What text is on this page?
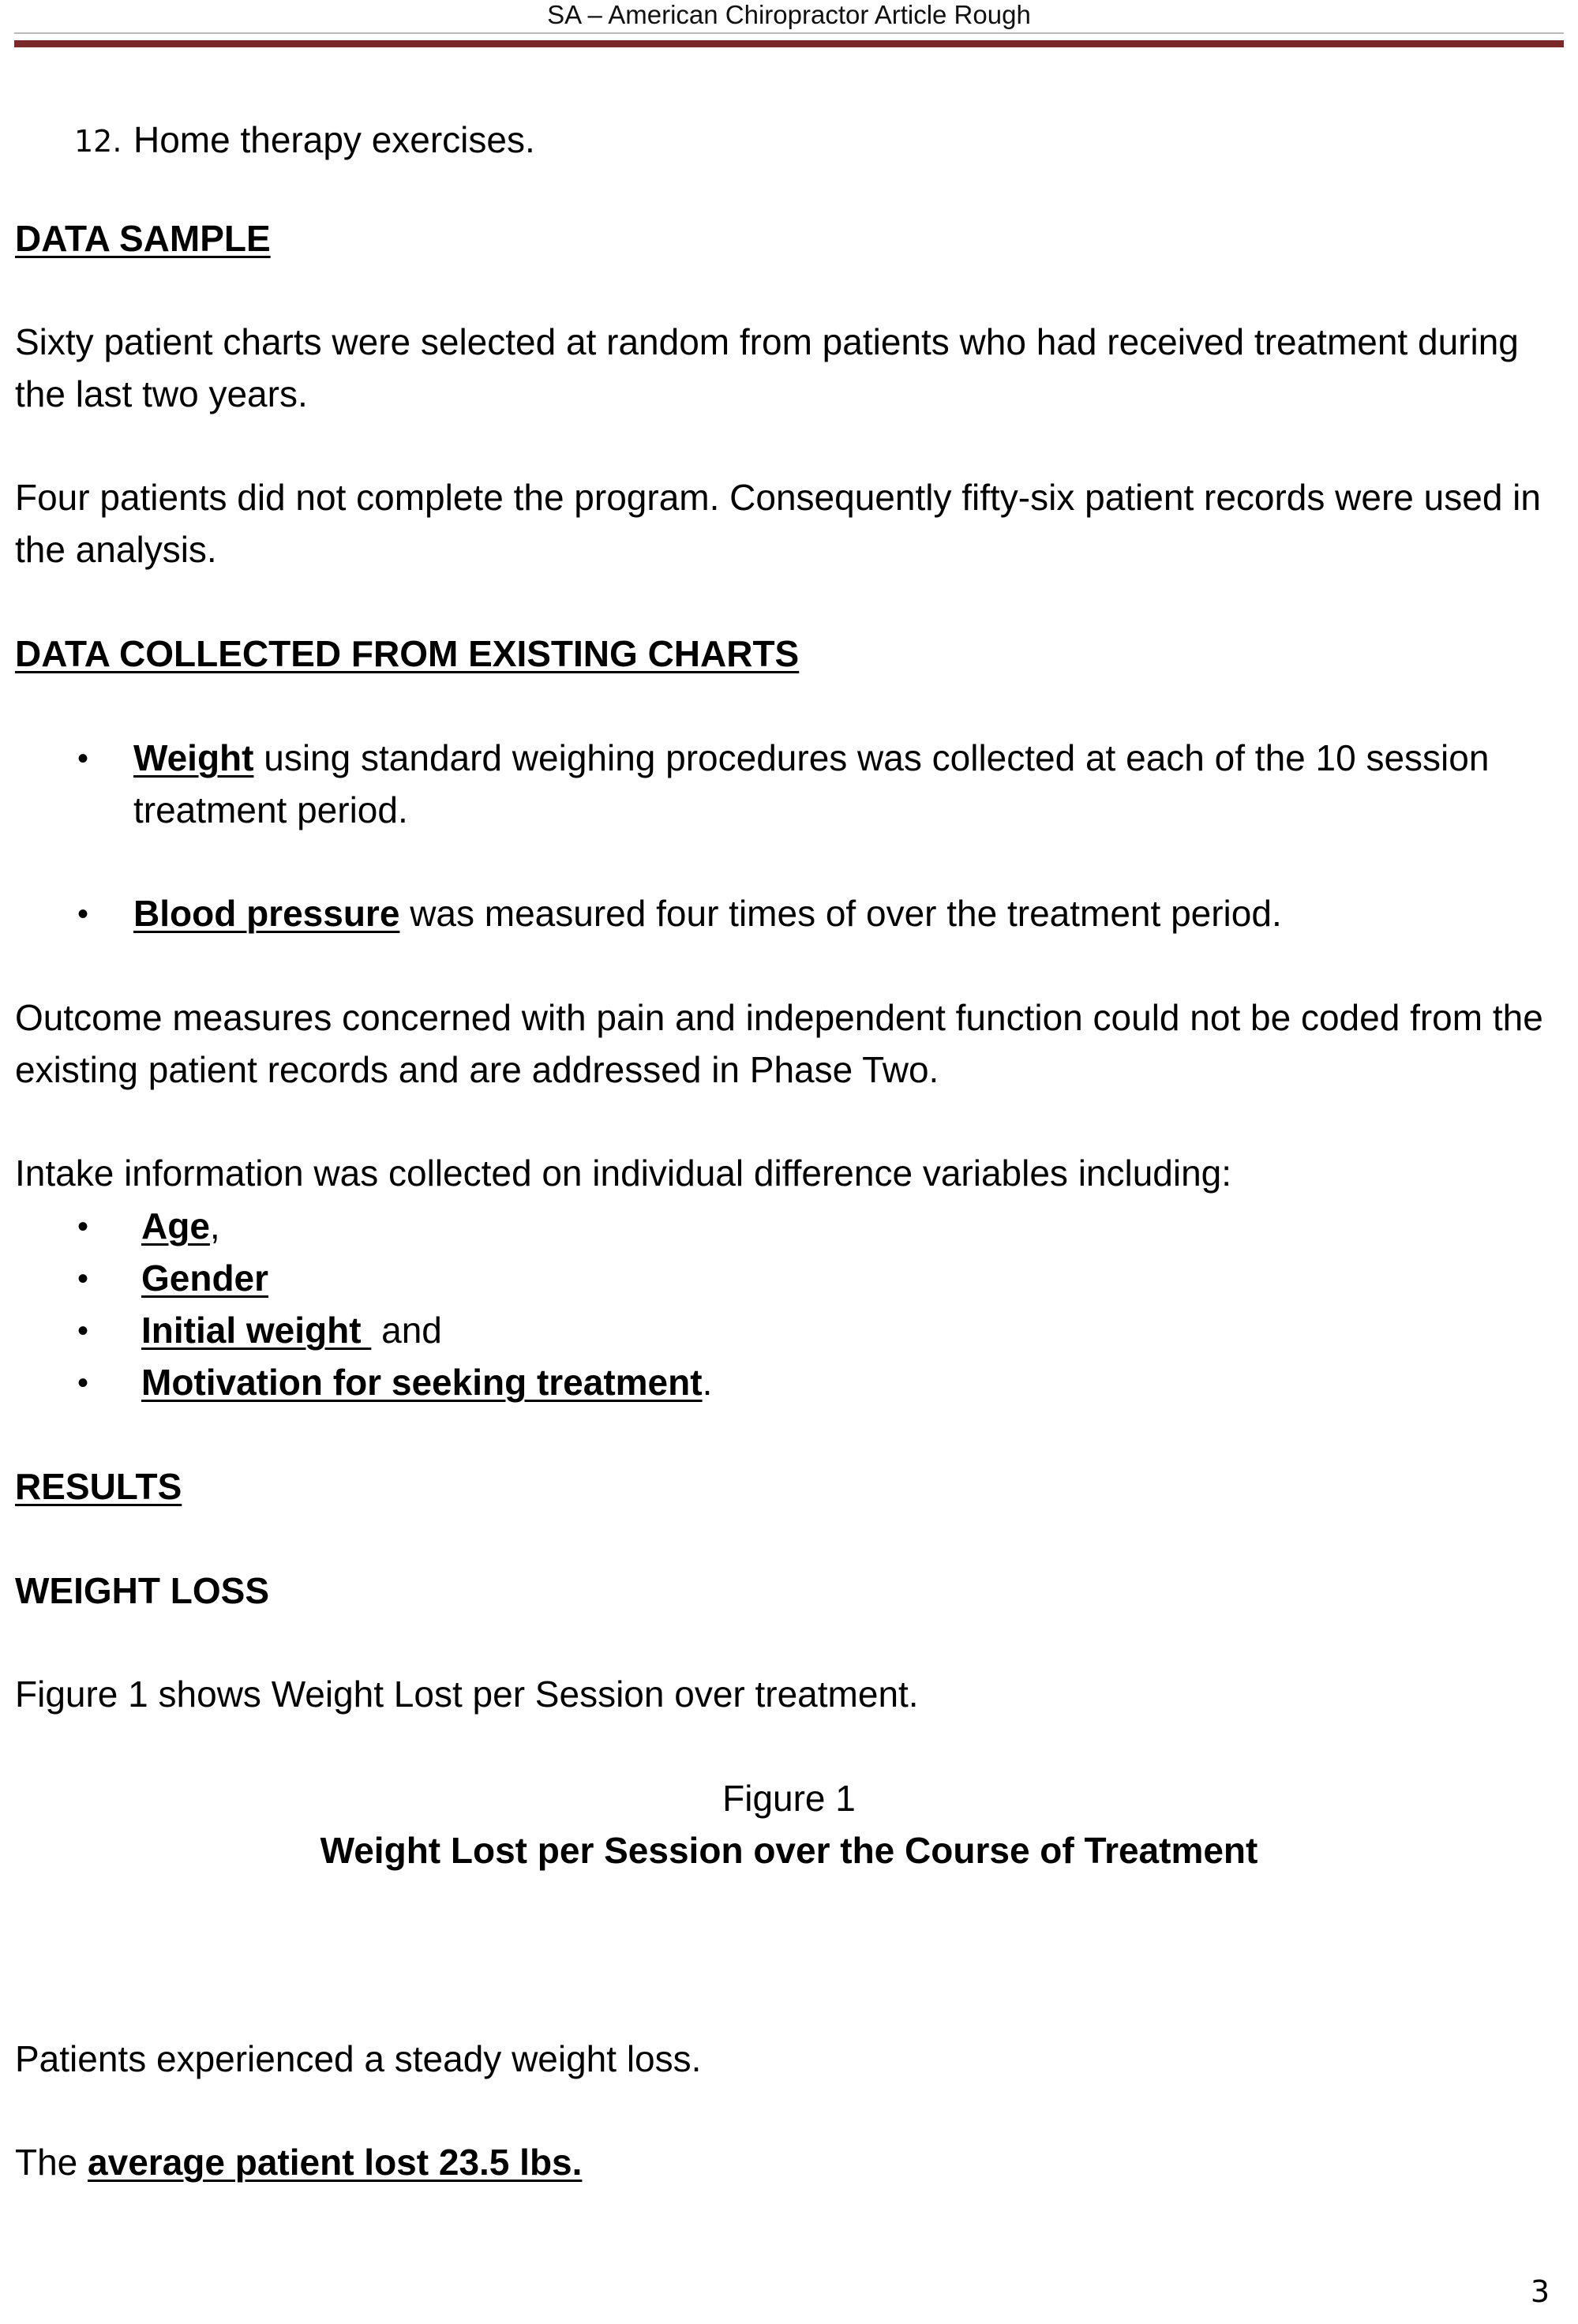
SA – American Chiropractor Article Rough
12. Home therapy exercises.
DATA SAMPLE
Sixty patient charts were selected at random from patients who had received treatment during
the last two years.
Four patients did not complete the program. Consequently fifty-six patient records were used in
the analysis.
DATA COLLECTED FROM EXISTING CHARTS
• Weight using standard weighing procedures was collected at each of the 10 session
treatment period.
• Blood pressure was measured four times of over the treatment period.
Outcome measures concerned with pain and independent function could not be coded from the
existing patient records and are addressed in Phase Two.
Intake information was collected on individual difference variables including:
• Age,
• Gender
• Initial weight  and
• Motivation for seeking treatment.
RESULTS
WEIGHT LOSS
Figure 1 shows Weight Lost per Session over treatment.
Figure 1
Weight Lost per Session over the Course of Treatment
Patients experienced a steady weight loss.
The average patient lost 23.5 lbs.
3
